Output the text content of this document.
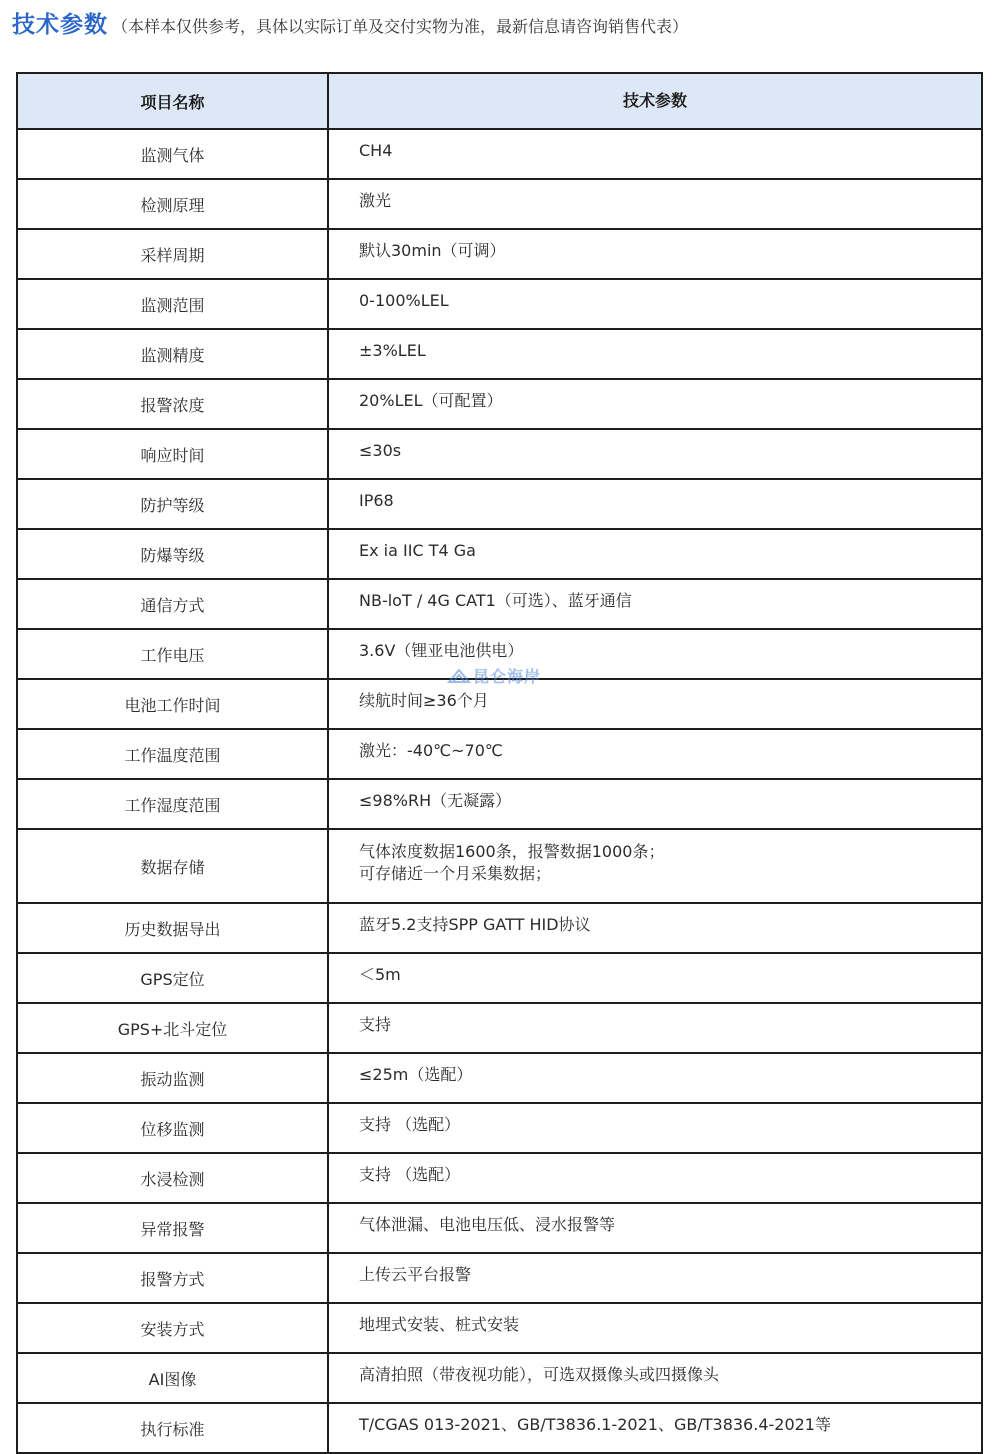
技术参数 （本样本仅供参考，具体以实际订单及交付实物为准，最新信息请咨询销售代表）
项目名称	技术参数
监测气体	CH4

检测原理	激光

采样周期	默认30min（可调）

监测范围	0-100%LEL

监测精度	±3%LEL

报警浓度	20%LEL（可配置）

响应时间	≤30s

防护等级	IP68

防爆等级	Ex ia IIC T4 Ga

通信方式	NB-loT / 4G CAT1（可选）、蓝牙通信

工作电压	3.6V（锂亚电池供电）

电池工作时间	续航时间≥36个月

工作温度范围	激光：-40℃~70℃

工作湿度范围	≤98%RH（无凝露）

数据存储	气体浓度数据1600条，报警数据1000条；
可存储近一个月采集数据；

历史数据导出	蓝牙5.2支持SPP GATT HID协议

GPS定位	＜5m

GPS+北斗定位	支持

振动监测	≤25m（选配）

位移监测	支持 （选配）

水浸检测	支持 （选配）

异常报警	气体泄漏、电池电压低、浸水报警等

报警方式	上传云平台报警

安装方式	地埋式安装、桩式安装

AI图像	高清拍照（带夜视功能），可选双摄像头或四摄像头

执行标准	T/CGAS 013-2021、GB/T3836.1-2021、GB/T3836.4-2021等
昆仑海岸
